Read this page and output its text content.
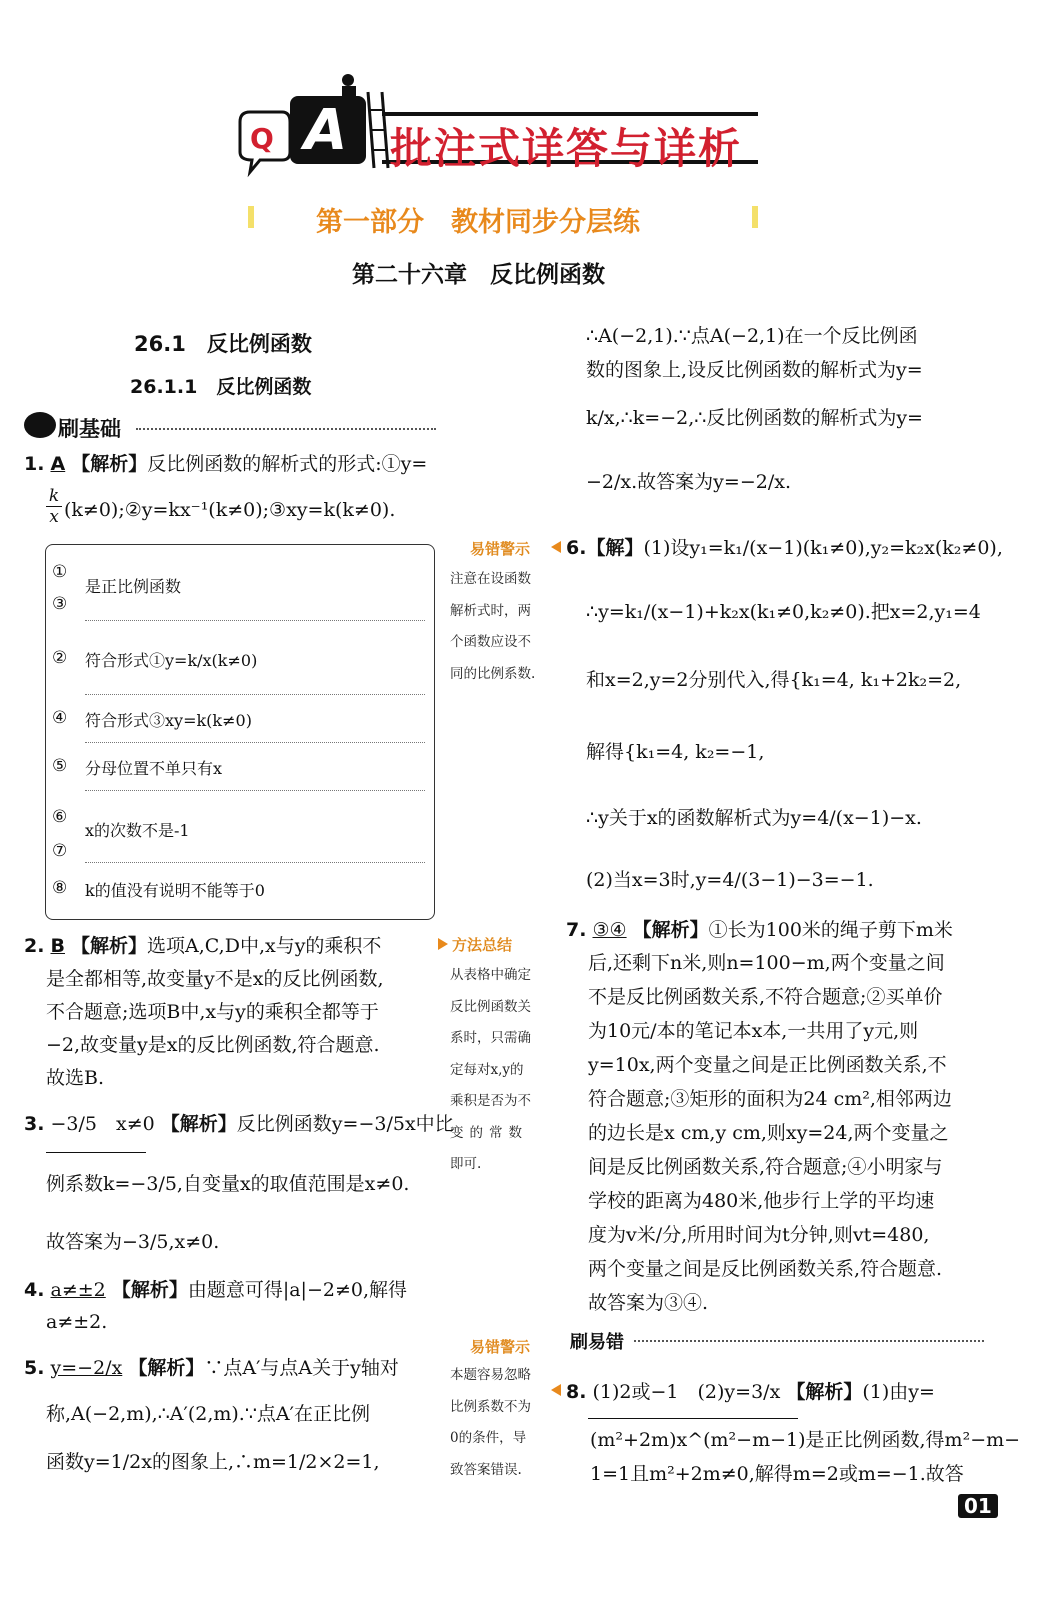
Q A 批注式详答与详析
第一部分　教材同步分层练
第二十六章　反比例函数
26.1　反比例函数
26.1.1　反比例函数
刷基础
1. A 【解析】反比例函数的解析式的形式:①y=
$\frac{k}{x}$ (k≠0);②y=kx⁻¹(k≠0);③xy=k(k≠0).
①
③
是正比例函数
② 符合形式①y=k/x(k≠0)
④ 符合形式③xy=k(k≠0)
⑤ 分母位置不单只有x
⑥
⑦
x的次数不是-1
⑧ k的值没有说明不能等于0
2. B 【解析】选项A,C,D中,x与y的乘积不
是全都相等,故变量y不是x的反比例函数,
不合题意;选项B中,x与y的乘积全都等于
−2,故变量y是x的反比例函数,符合题意.
故选B.
3. −3/5　x≠0 【解析】反比例函数y=−3/5x中比
例系数k=−3/5,自变量x的取值范围是x≠0.
故答案为−3/5,x≠0.
4. a≠±2 【解析】由题意可得|a|−2≠0,解得
a≠±2.
5. y=−2/x 【解析】∵点A′与点A关于y轴对
称,A(−2,m),∴A′(2,m).∵点A′在正比例
函数y=1/2x的图象上,∴m=1/2×2=1,
易错警示
注意在设函数
解析式时，两
个函数应设不
同的比例系数.
方法总结
从表格中确定
反比例函数关
系时，只需确
定每对x,y的
乘积是否为不
变的常数
即可.
易错警示
本题容易忽略
比例系数不为
0的条件，导
致答案错误.
∴A(−2,1).∵点A(−2,1)在一个反比例函
数的图象上,设反比例函数的解析式为y=
k/x,∴k=−2,∴反比例函数的解析式为y=
−2/x.故答案为y=−2/x.
6.【解】(1)设y₁=k₁/(x−1)(k₁≠0),y₂=k₂x(k₂≠0),
∴y=k₁/(x−1)+k₂x(k₁≠0,k₂≠0).把x=2,y₁=4
和x=2,y=2分别代入,得{k₁=4, k₁+2k₂=2,
解得{k₁=4, k₂=−1,
∴y关于x的函数解析式为y=4/(x−1)−x.
(2)当x=3时,y=4/(3−1)−3=−1.
7. ③④ 【解析】①长为100米的绳子剪下m米
后,还剩下n米,则n=100−m,两个变量之间
不是反比例函数关系,不符合题意;②买单价
为10元/本的笔记本x本,一共用了y元,则
y=10x,两个变量之间是正比例函数关系,不
符合题意;③矩形的面积为24 cm²,相邻两边
的边长是x cm,y cm,则xy=24,两个变量之
间是反比例函数关系,符合题意;④小明家与
学校的距离为480米,他步行上学的平均速
度为v米/分,所用时间为t分钟,则vt=480,
两个变量之间是反比例函数关系,符合题意.
故答案为③④.
刷易错
8. (1)2或−1　(2)y=3/x 【解析】(1)由y=
(m²+2m)x^(m²−m−1)是正比例函数,得m²−m−
1=1且m²+2m≠0,解得m=2或m=−1.故答
01
